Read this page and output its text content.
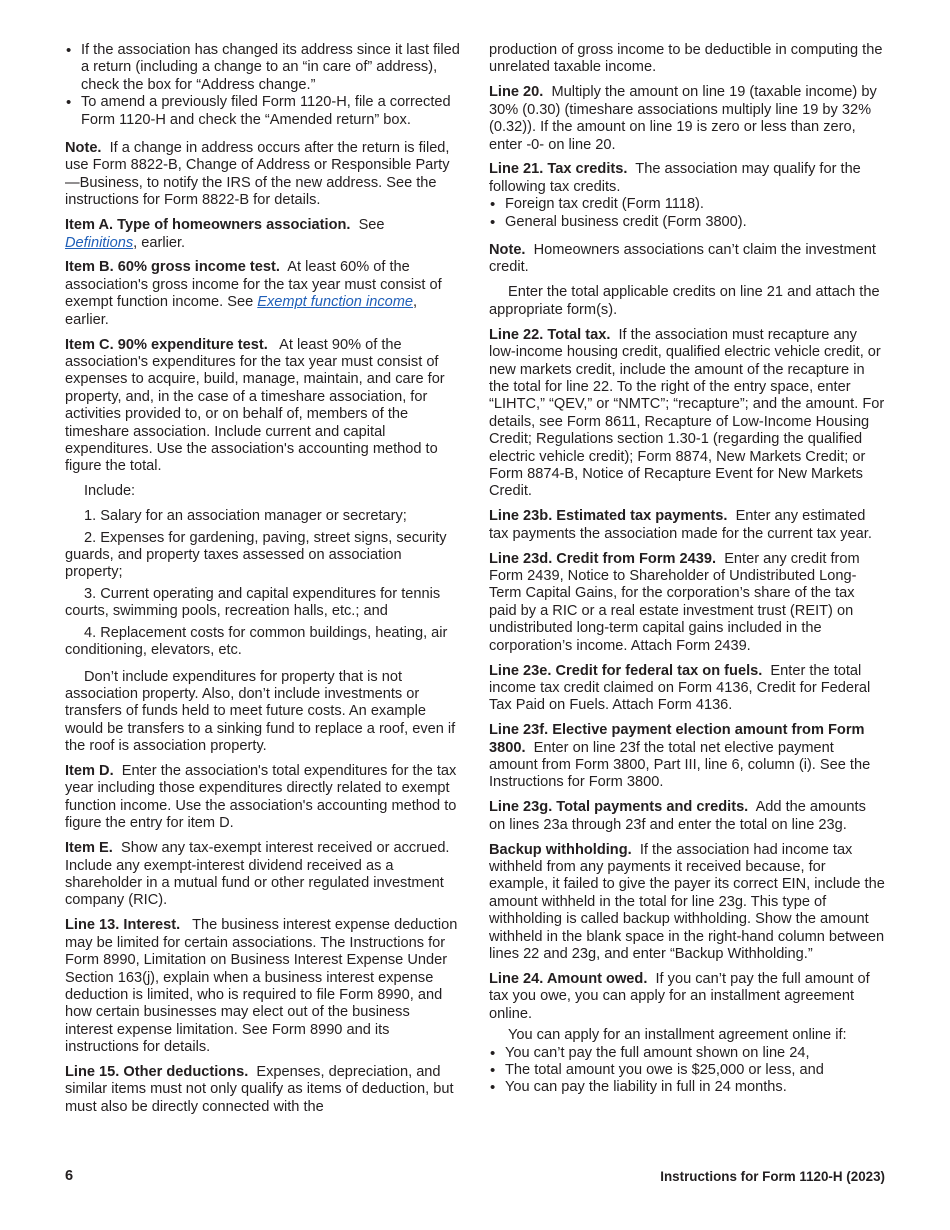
• If the association has changed its address since it last filed a return (including a change to an “in care of” address), check the box for “Address change.”

• To amend a previously filed Form 1120-H, file a corrected Form 1120-H and check the “Amended return” box.

Note. If a change in address occurs after the return is filed, use Form 8822-B, Change of Address or Responsible Party—Business, to notify the IRS of the new address. See the instructions for Form 8822-B for details.

Item A. Type of homeowners association. See
Definitions, earlier.

Item B. 60% gross income test. At least 60% of the association's gross income for the tax year must consist of exempt function income. See Exempt function income, earlier.

Item C. 90% expenditure test. At least 90% of the association's expenditures for the tax year must consist of expenses to acquire, build, manage, maintain, and care for property, and, in the case of a timeshare association, for activities provided to, or on behalf of, members of the timeshare association. Include current and capital expenditures. Use the association's accounting method to figure the total.

Include:

1. Salary for an association manager or secretary;

2. Expenses for gardening, paving, street signs, security guards, and property taxes assessed on association property;

3. Current operating and capital expenditures for tennis courts, swimming pools, recreation halls, etc.; and

4. Replacement costs for common buildings, heating, air conditioning, elevators, etc.

Don’t include expenditures for property that is not association property. Also, don’t include investments or transfers of funds held to meet future costs. An example would be transfers to a sinking fund to replace a roof, even if the roof is association property.

Item D. Enter the association's total expenditures for the tax year including those expenditures directly related to exempt function income. Use the association's accounting method to figure the entry for item D.

Item E. Show any tax-exempt interest received or accrued. Include any exempt-interest dividend received as a shareholder in a mutual fund or other regulated investment company (RIC).

Line 13. Interest. The business interest expense deduction may be limited for certain associations. The Instructions for Form 8990, Limitation on Business Interest Expense Under Section 163(j), explain when a business interest expense deduction is limited, who is required to file Form 8990, and how certain businesses may elect out of the business interest expense limitation. See Form 8990 and its instructions for details.

Line 15. Other deductions. Expenses, depreciation, and similar items must not only qualify as items of deduction, but must also be directly connected with the

production of gross income to be deductible in computing the unrelated taxable income.

Line 20. Multiply the amount on line 19 (taxable income) by 30% (0.30) (timeshare associations multiply line 19 by 32% (0.32)). If the amount on line 19 is zero or less than zero, enter -0- on line 20.

Line 21. Tax credits. The association may qualify for the following tax credits.

• Foreign tax credit (Form 1118).

• General business credit (Form 3800).

Note. Homeowners associations can’t claim the investment credit.

Enter the total applicable credits on line 21 and attach the appropriate form(s).

Line 22. Total tax. If the association must recapture any low-income housing credit, qualified electric vehicle credit, or new markets credit, include the amount of the recapture in the total for line 22. To the right of the entry space, enter “LIHTC,” “QEV,” or “NMTC”; “recapture”; and the amount. For details, see Form 8611, Recapture of Low-Income Housing Credit; Regulations section 1.30-1 (regarding the qualified electric vehicle credit); Form 8874, New Markets Credit; or Form 8874-B, Notice of Recapture Event for New Markets Credit.

Line 23b. Estimated tax payments. Enter any estimated tax payments the association made for the current tax year.

Line 23d. Credit from Form 2439. Enter any credit from Form 2439, Notice to Shareholder of Undistributed Long-Term Capital Gains, for the corporation’s share of the tax paid by a RIC or a real estate investment trust (REIT) on undistributed long-term capital gains included in the corporation’s income. Attach Form 2439.

Line 23e. Credit for federal tax on fuels. Enter the total income tax credit claimed on Form 4136, Credit for Federal Tax Paid on Fuels. Attach Form 4136.

Line 23f. Elective payment election amount from Form 3800. Enter on line 23f the total net elective payment amount from Form 3800, Part III, line 6, column (i). See the Instructions for Form 3800.

Line 23g. Total payments and credits. Add the amounts on lines 23a through 23f and enter the total on line 23g.

Backup withholding. If the association had income tax withheld from any payments it received because, for example, it failed to give the payer its correct EIN, include the amount withheld in the total for line 23g. This type of withholding is called backup withholding. Show the amount withheld in the blank space in the right-hand column between lines 22 and 23g, and enter “Backup Withholding.”

Line 24. Amount owed. If you can’t pay the full amount of tax you owe, you can apply for an installment agreement online.

You can apply for an installment agreement online if:

• You can’t pay the full amount shown on line 24,

• The total amount you owe is $25,000 or less, and

• You can pay the liability in full in 24 months.

6	Instructions for Form 1120-H (2023)
